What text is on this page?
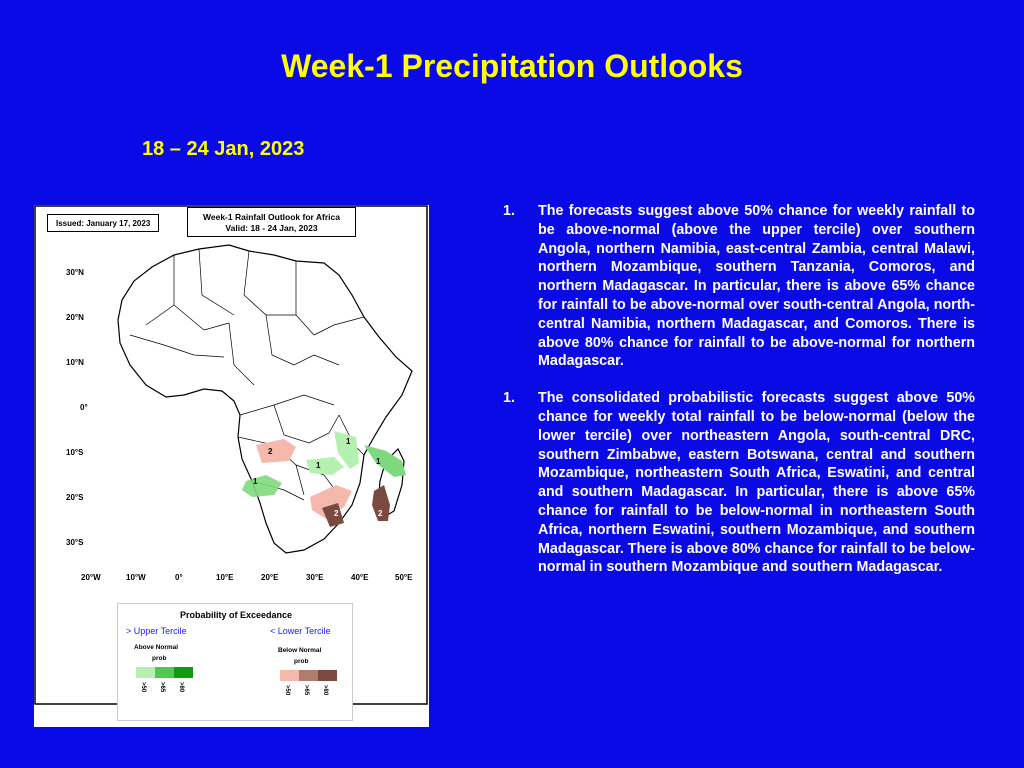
Week-1 Precipitation Outlooks
18 – 24 Jan, 2023
Issued: January 17, 2023
Week-1 Rainfall Outlook for Africa
Valid: 18 - 24 Jan, 2023
30°N
20°N
10°N
0°
10°S
20°S
30°S
20°W	10°W	0°	10°E	20°E	30°E	40°E	50°E
1
1
1
1
2
2	2
Probability of Exceedance
> Upper Tercile	< Lower Tercile
Above Normal
prob
Below Normal
prob
>50 >65 >80	>50 >65 >80
1.	The forecasts suggest above 50% chance for weekly rainfall to be above-normal (above the upper tercile) over southern Angola, northern Namibia, east-central Zambia, central Malawi, northern Mozambique, southern Tanzania, Comoros, and northern Madagascar. In particular, there is above 65% chance for rainfall to be above-normal over south-central Angola, north-central Namibia, northern Madagascar, and Comoros. There is above 80% chance for rainfall to be above-normal for northern Madagascar.
1.	The consolidated probabilistic forecasts suggest above 50% chance for weekly total rainfall to be below-normal (below the lower tercile) over northeastern Angola, south-central DRC, southern Zimbabwe, eastern Botswana, central and southern Mozambique, northeastern South Africa, Eswatini, and central and southern Madagascar. In particular, there is above 65% chance for rainfall to be below-normal in northeastern South Africa, northern Eswatini, southern Mozambique, and southern Madagascar. There is above 80% chance for rainfall to be below-normal in southern Mozambique and southern Madagascar.
